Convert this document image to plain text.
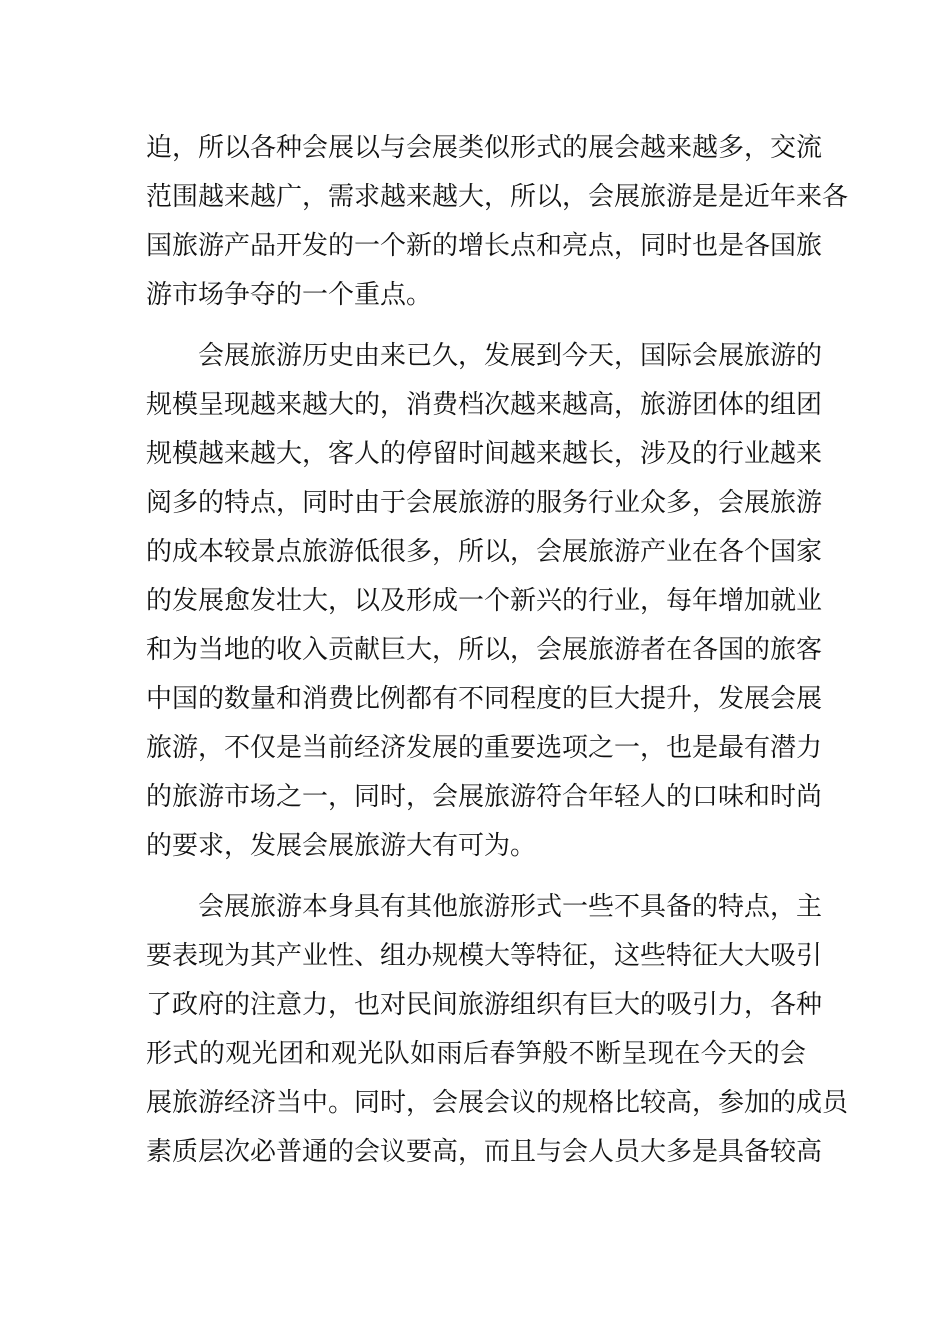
迫，所以各种会展以与会展类似形式的展会越来越多，交流
范围越来越广，需求越来越大，所以，会展旅游是是近年来各
国旅游产品开发的一个新的增长点和亮点，同时也是各国旅
游市场争夺的一个重点。
　　会展旅游历史由来已久，发展到今天，国际会展旅游的
规模呈现越来越大的，消费档次越来越高，旅游团体的组团
规模越来越大，客人的停留时间越来越长，涉及的行业越来
阅多的特点，同时由于会展旅游的服务行业众多，会展旅游
的成本较景点旅游低很多，所以，会展旅游产业在各个国家
的发展愈发壮大，以及形成一个新兴的行业，每年增加就业
和为当地的收入贡献巨大，所以，会展旅游者在各国的旅客
中国的数量和消费比例都有不同程度的巨大提升，发展会展
旅游，不仅是当前经济发展的重要选项之一，也是最有潜力
的旅游市场之一，同时，会展旅游符合年轻人的口味和时尚
的要求，发展会展旅游大有可为。
　　会展旅游本身具有其他旅游形式一些不具备的特点，主
要表现为其产业性、组办规模大等特征，这些特征大大吸引
了政府的注意力，也对民间旅游组织有巨大的吸引力，各种
形式的观光团和观光队如雨后春笋般不断呈现在今天的会
展旅游经济当中。同时，会展会议的规格比较高，参加的成员
素质层次必普通的会议要高，而且与会人员大多是具备较高
